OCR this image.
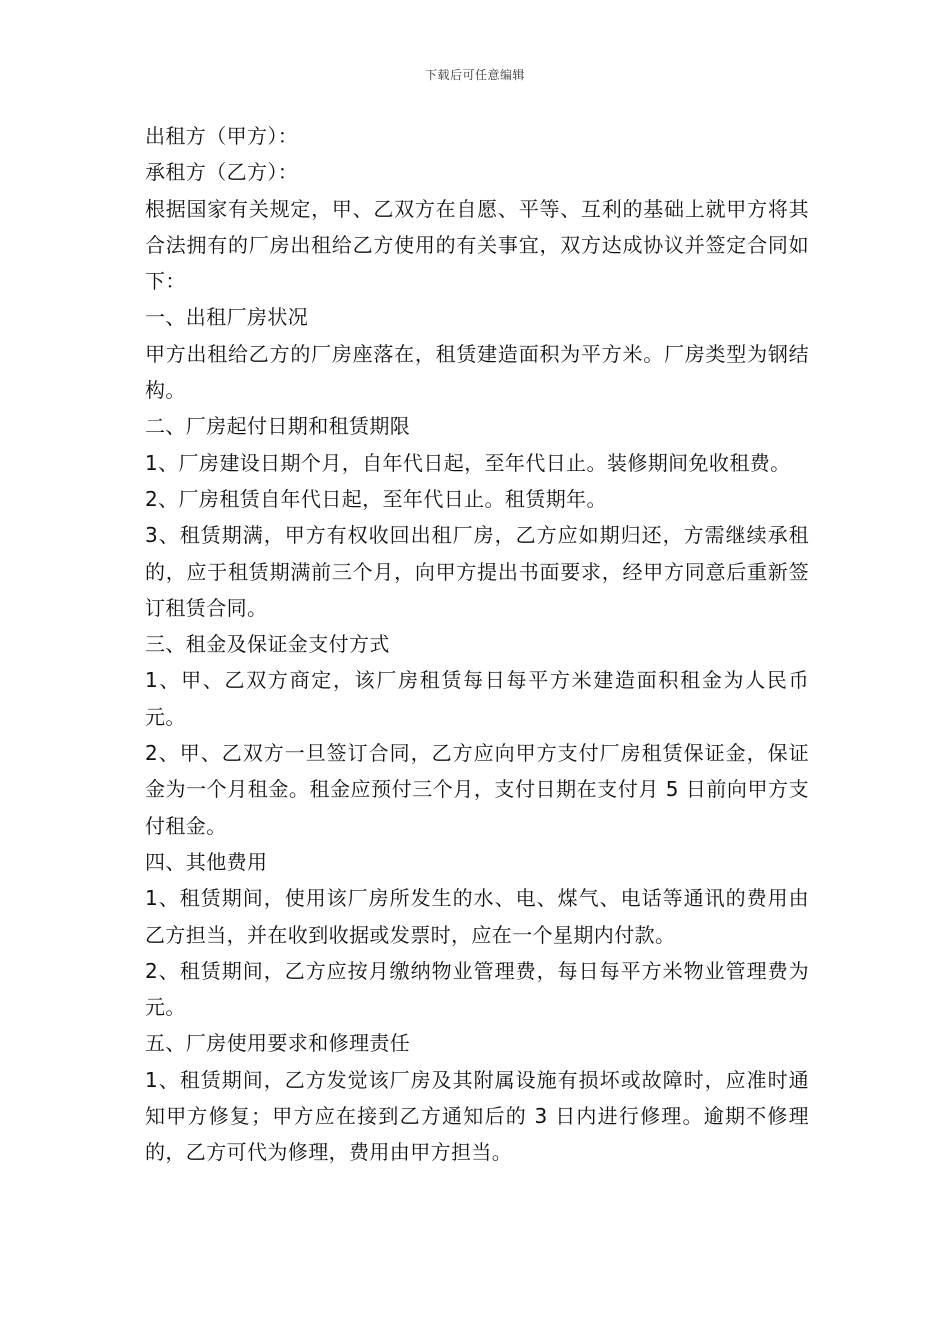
下载后可任意编辑

出租方（甲方）：

承租方（乙方）：

根据国家有关规定，甲、乙双方在自愿、平等、互利的基础上就甲方将其合法拥有的厂房出租给乙方使用的有关事宜，双方达成协议并签定合同如下：

一、出租厂房状况

甲方出租给乙方的厂房座落在，租赁建造面积为平方米。厂房类型为钢结构。

二、厂房起付日期和租赁期限

1、厂房建设日期个月，自年代日起，至年代日止。装修期间免收租费。

2、厂房租赁自年代日起，至年代日止。租赁期年。

3、租赁期满，甲方有权收回出租厂房，乙方应如期归还，方需继续承租的，应于租赁期满前三个月，向甲方提出书面要求，经甲方同意后重新签订租赁合同。

三、租金及保证金支付方式

1、甲、乙双方商定，该厂房租赁每日每平方米建造面积租金为人民币元。

2、甲、乙双方一旦签订合同，乙方应向甲方支付厂房租赁保证金，保证金为一个月租金。租金应预付三个月，支付日期在支付月 5 日前向甲方支付租金。

四、其他费用

1、租赁期间，使用该厂房所发生的水、电、煤气、电话等通讯的费用由乙方担当，并在收到收据或发票时，应在一个星期内付款。

2、租赁期间，乙方应按月缴纳物业管理费，每日每平方米物业管理费为元。

五、厂房使用要求和修理责任

1、租赁期间，乙方发觉该厂房及其附属设施有损坏或故障时，应准时通知甲方修复；甲方应在接到乙方通知后的 3 日内进行修理。逾期不修理的，乙方可代为修理，费用由甲方担当。
